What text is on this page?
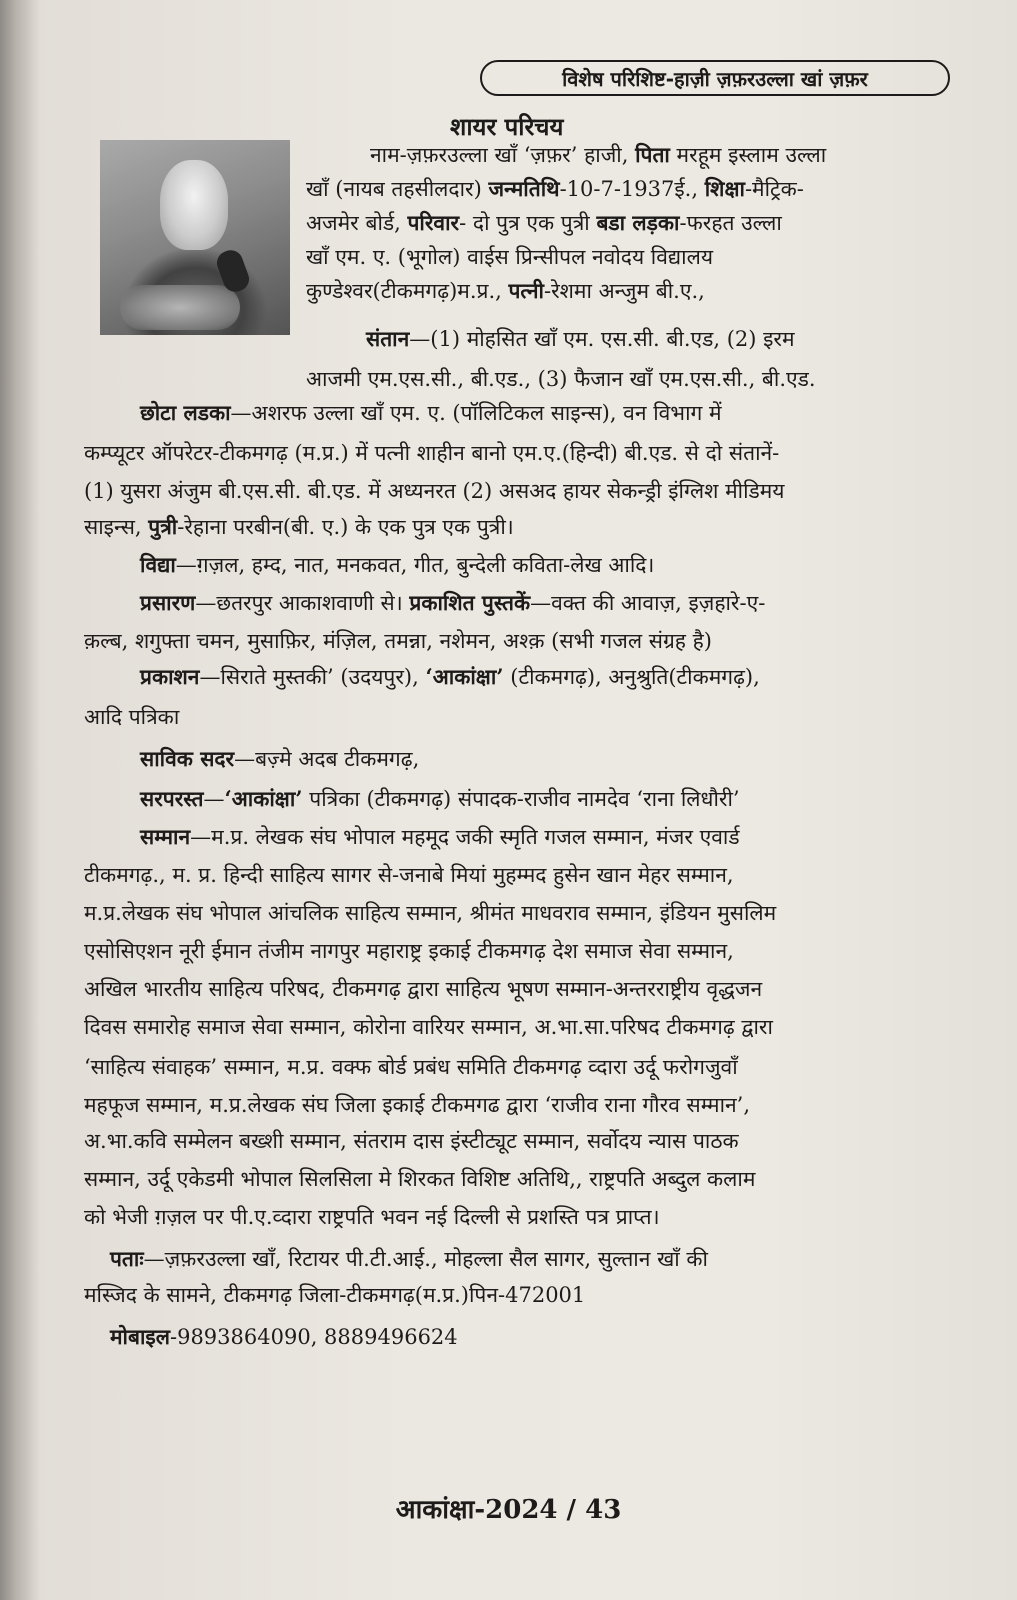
विशेष परिशिष्ट-हाज़ी ज़फ़रउल्ला खां ज़फ़र
शायर परिचय
नाम-ज़फ़रउल्ला खाँ ‘ज़फ़र’ हाजी, पिता मरहूम इस्लाम उल्ला
खाँ (नायब तहसीलदार) जन्मतिथि-10-7-1937ई., शिक्षा-मैट्रिक-
अजमेर बोर्ड, परिवार- दो पुत्र एक पुत्री बडा लड़का-फरहत उल्ला
खाँ एम. ए. (भूगोल) वाईस प्रिन्सीपल नवोदय विद्यालय
कुण्डेश्वर(टीकमगढ़)म.प्र., पत्नी-रेशमा अन्जुम बी.ए.,
संतान—(1) मोहसित खाँ एम. एस.सी. बी.एड, (2) इरम
आजमी एम.एस.सी., बी.एड., (3) फैजान खाँ एम.एस.सी., बी.एड.
छोटा लडका—अशरफ उल्ला खाँ एम. ए. (पॉलिटिकल साइन्स), वन विभाग में
कम्प्यूटर ऑपरेटर-टीकमगढ़ (म.प्र.) में पत्नी शाहीन बानो एम.ए.(हिन्दी) बी.एड. से दो संतानें-
(1) युसरा अंजुम बी.एस.सी. बी.एड. में अध्यनरत (2) असअद हायर सेकन्ड्री इंग्लिश मीडिमय
साइन्स, पुत्री-रेहाना परबीन(बी. ए.) के एक पुत्र एक पुत्री।
विद्या—ग़ज़ल, हम्द, नात, मनकवत, गीत, बुन्देली कविता-लेख आदि।
प्रसारण—छतरपुर आकाशवाणी से। प्रकाशित पुस्तकें—वक्त की आवाज़, इज़हारे-ए-
क़ल्ब, शगुफ्ता चमन, मुसाफ़िर, मंज़िल, तमन्ना, नशेमन, अश्क़ (सभी गजल संग्रह है)
प्रकाशन—सिराते मुस्तकी’ (उदयपुर), ‘आकांक्षा’ (टीकमगढ़), अनुश्रुति(टीकमगढ़),
आदि पत्रिका
साविक सदर—बज़्मे अदब टीकमगढ़,
सरपरस्त—‘आकांक्षा’ पत्रिका (टीकमगढ़) संपादक-राजीव नामदेव ‘राना लिधौरी’
सम्मान—म.प्र. लेखक संघ भोपाल महमूद जकी स्मृति गजल सम्मान, मंजर एवार्ड
टीकमगढ़., म. प्र. हिन्दी साहित्य सागर से-जनाबे मियां मुहम्मद हुसेन खान मेहर सम्मान,
म.प्र.लेखक संघ भोपाल आंचलिक साहित्य सम्मान, श्रीमंत माधवराव सम्मान, इंडियन मुसलिम
एसोसिएशन नूरी ईमान तंजीम नागपुर महाराष्ट्र इकाई टीकमगढ़ देश समाज सेवा सम्मान,
अखिल भारतीय साहित्य परिषद, टीकमगढ़ द्वारा साहित्य भूषण सम्मान-अन्तरराष्ट्रीय वृद्धजन
दिवस समारोह समाज सेवा सम्मान, कोरोना वारियर सम्मान, अ.भा.सा.परिषद टीकमगढ़ द्वारा
‘साहित्य संवाहक’ सम्मान, म.प्र. वक्फ बोर्ड प्रबंध समिति टीकमगढ़ व्दारा उर्दू फरोगजुवाँ
महफूज सम्मान, म.प्र.लेखक संघ जिला इकाई टीकमगढ द्वारा ‘राजीव राना गौरव सम्मान’,
अ.भा.कवि सम्मेलन बख्शी सम्मान, संतराम दास इंस्टीट्यूट सम्मान, सर्वोदय न्यास पाठक
सम्मान, उर्दू एकेडमी भोपाल सिलसिला मे शिरकत विशिष्ट अतिथि,, राष्ट्रपति अब्दुल कलाम
को भेजी ग़ज़ल पर पी.ए.व्दारा राष्ट्रपति भवन नई दिल्ली से प्रशस्ति पत्र प्राप्त।
पताः—ज़फ़रउल्ला खाँ, रिटायर पी.टी.आई., मोहल्ला सैल सागर, सुल्तान खाँ की
मस्जिद के सामने, टीकमगढ़ जिला-टीकमगढ़(म.प्र.)पिन-472001
मोबाइल-9893864090, 8889496624
आकांक्षा-2024 / 43
